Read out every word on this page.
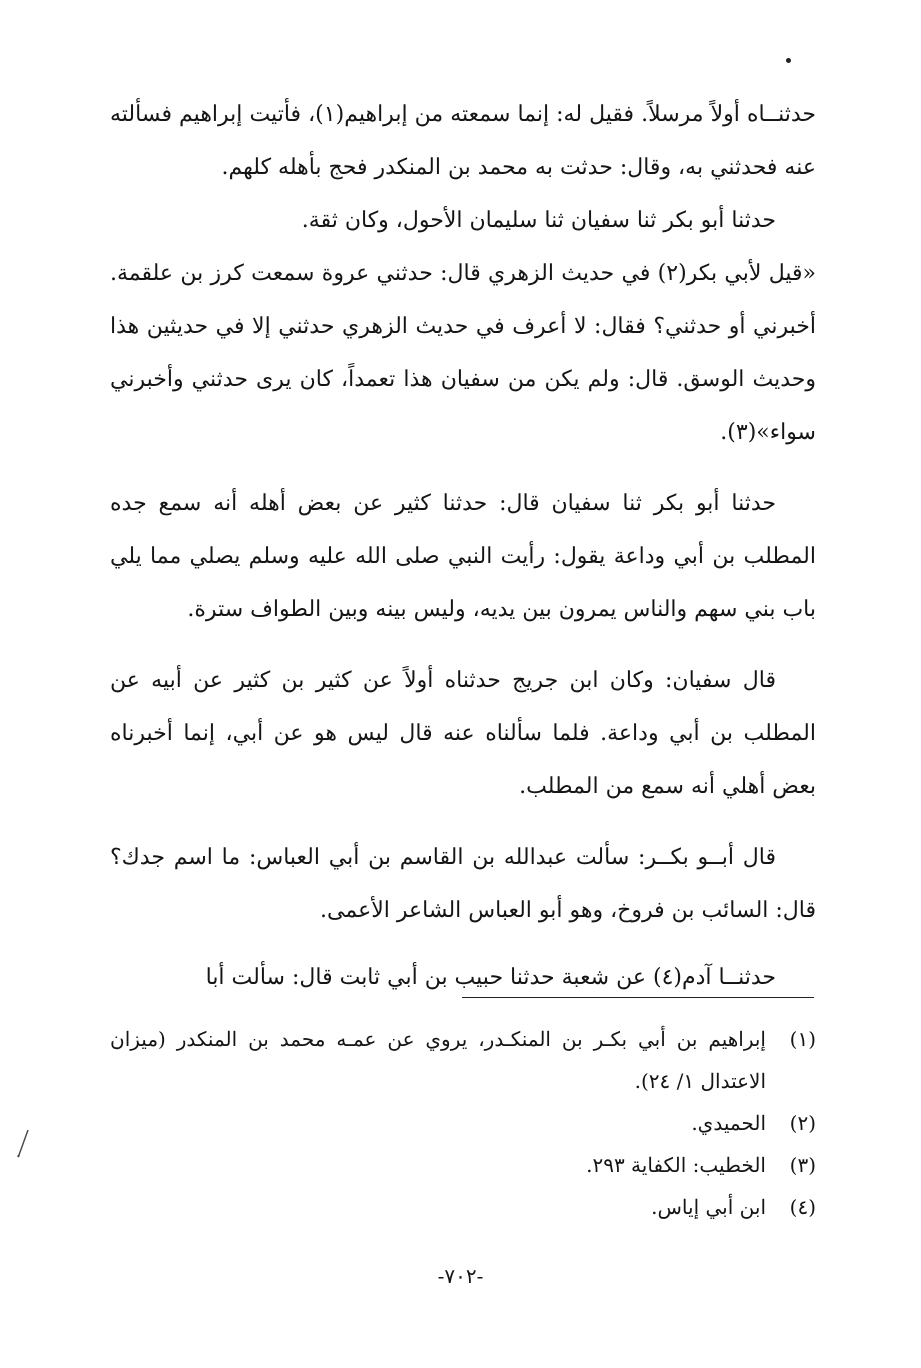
حدثنــاه أولاً مرسلاً. فقيل له: إنما سمعته من إبراهيم(١)، فأتيت إبراهيم فسألته عنه فحدثني به، وقال: حدثت به محمد بن المنكدر فحج بأهله كلهم.

حدثنا أبو بكر ثنا سفيان ثنا سليمان الأحول، وكان ثقة.

«قيل لأبي بكر(٢) في حديث الزهري قال: حدثني عروة سمعت كرز بن علقمة. أخبرني أو حدثني؟ فقال: لا أعرف في حديث الزهري حدثني إلا في حديثين هذا وحديث الوسق. قال: ولم يكن من سفيان هذا تعمداً، كان يرى حدثني وأخبرني سواء»(٣).

حدثنا أبو بكر ثنا سفيان قال: حدثنا كثير عن بعض أهله أنه سمع جده المطلب بن أبي وداعة يقول: رأيت النبي صلى الله عليه وسلم يصلي مما يلي باب بني سهم والناس يمرون بين يديه، وليس بينه وبين الطواف سترة.

قال سفيان: وكان ابن جريج حدثناه أولاً عن كثير بن كثير عن أبيه عن المطلب بن أبي وداعة. فلما سألناه عنه قال ليس هو عن أبي، إنما أخبرناه بعض أهلي أنه سمع من المطلب.

قال أبــو بكــر: سألت عبدالله بن القاسم بن أبي العباس: ما اسم جدك؟ قال: السائب بن فروخ، وهو أبو العباس الشاعر الأعمى.

حدثنــا آدم(٤) عن شعبة حدثنا حبيب بن أبي ثابت قال: سألت أبا

(١)إبراهيم بن أبي بكـر بن المنكـدر، يروي عن عمـه محمد بن المنكدر (ميزان الاعتدال ١/ ٢٤).

(٢)الحميدي.

(٣)الخطيب: الكفاية ٢٩٣.

(٤)ابن أبي إياس.

-٧٠٢-
